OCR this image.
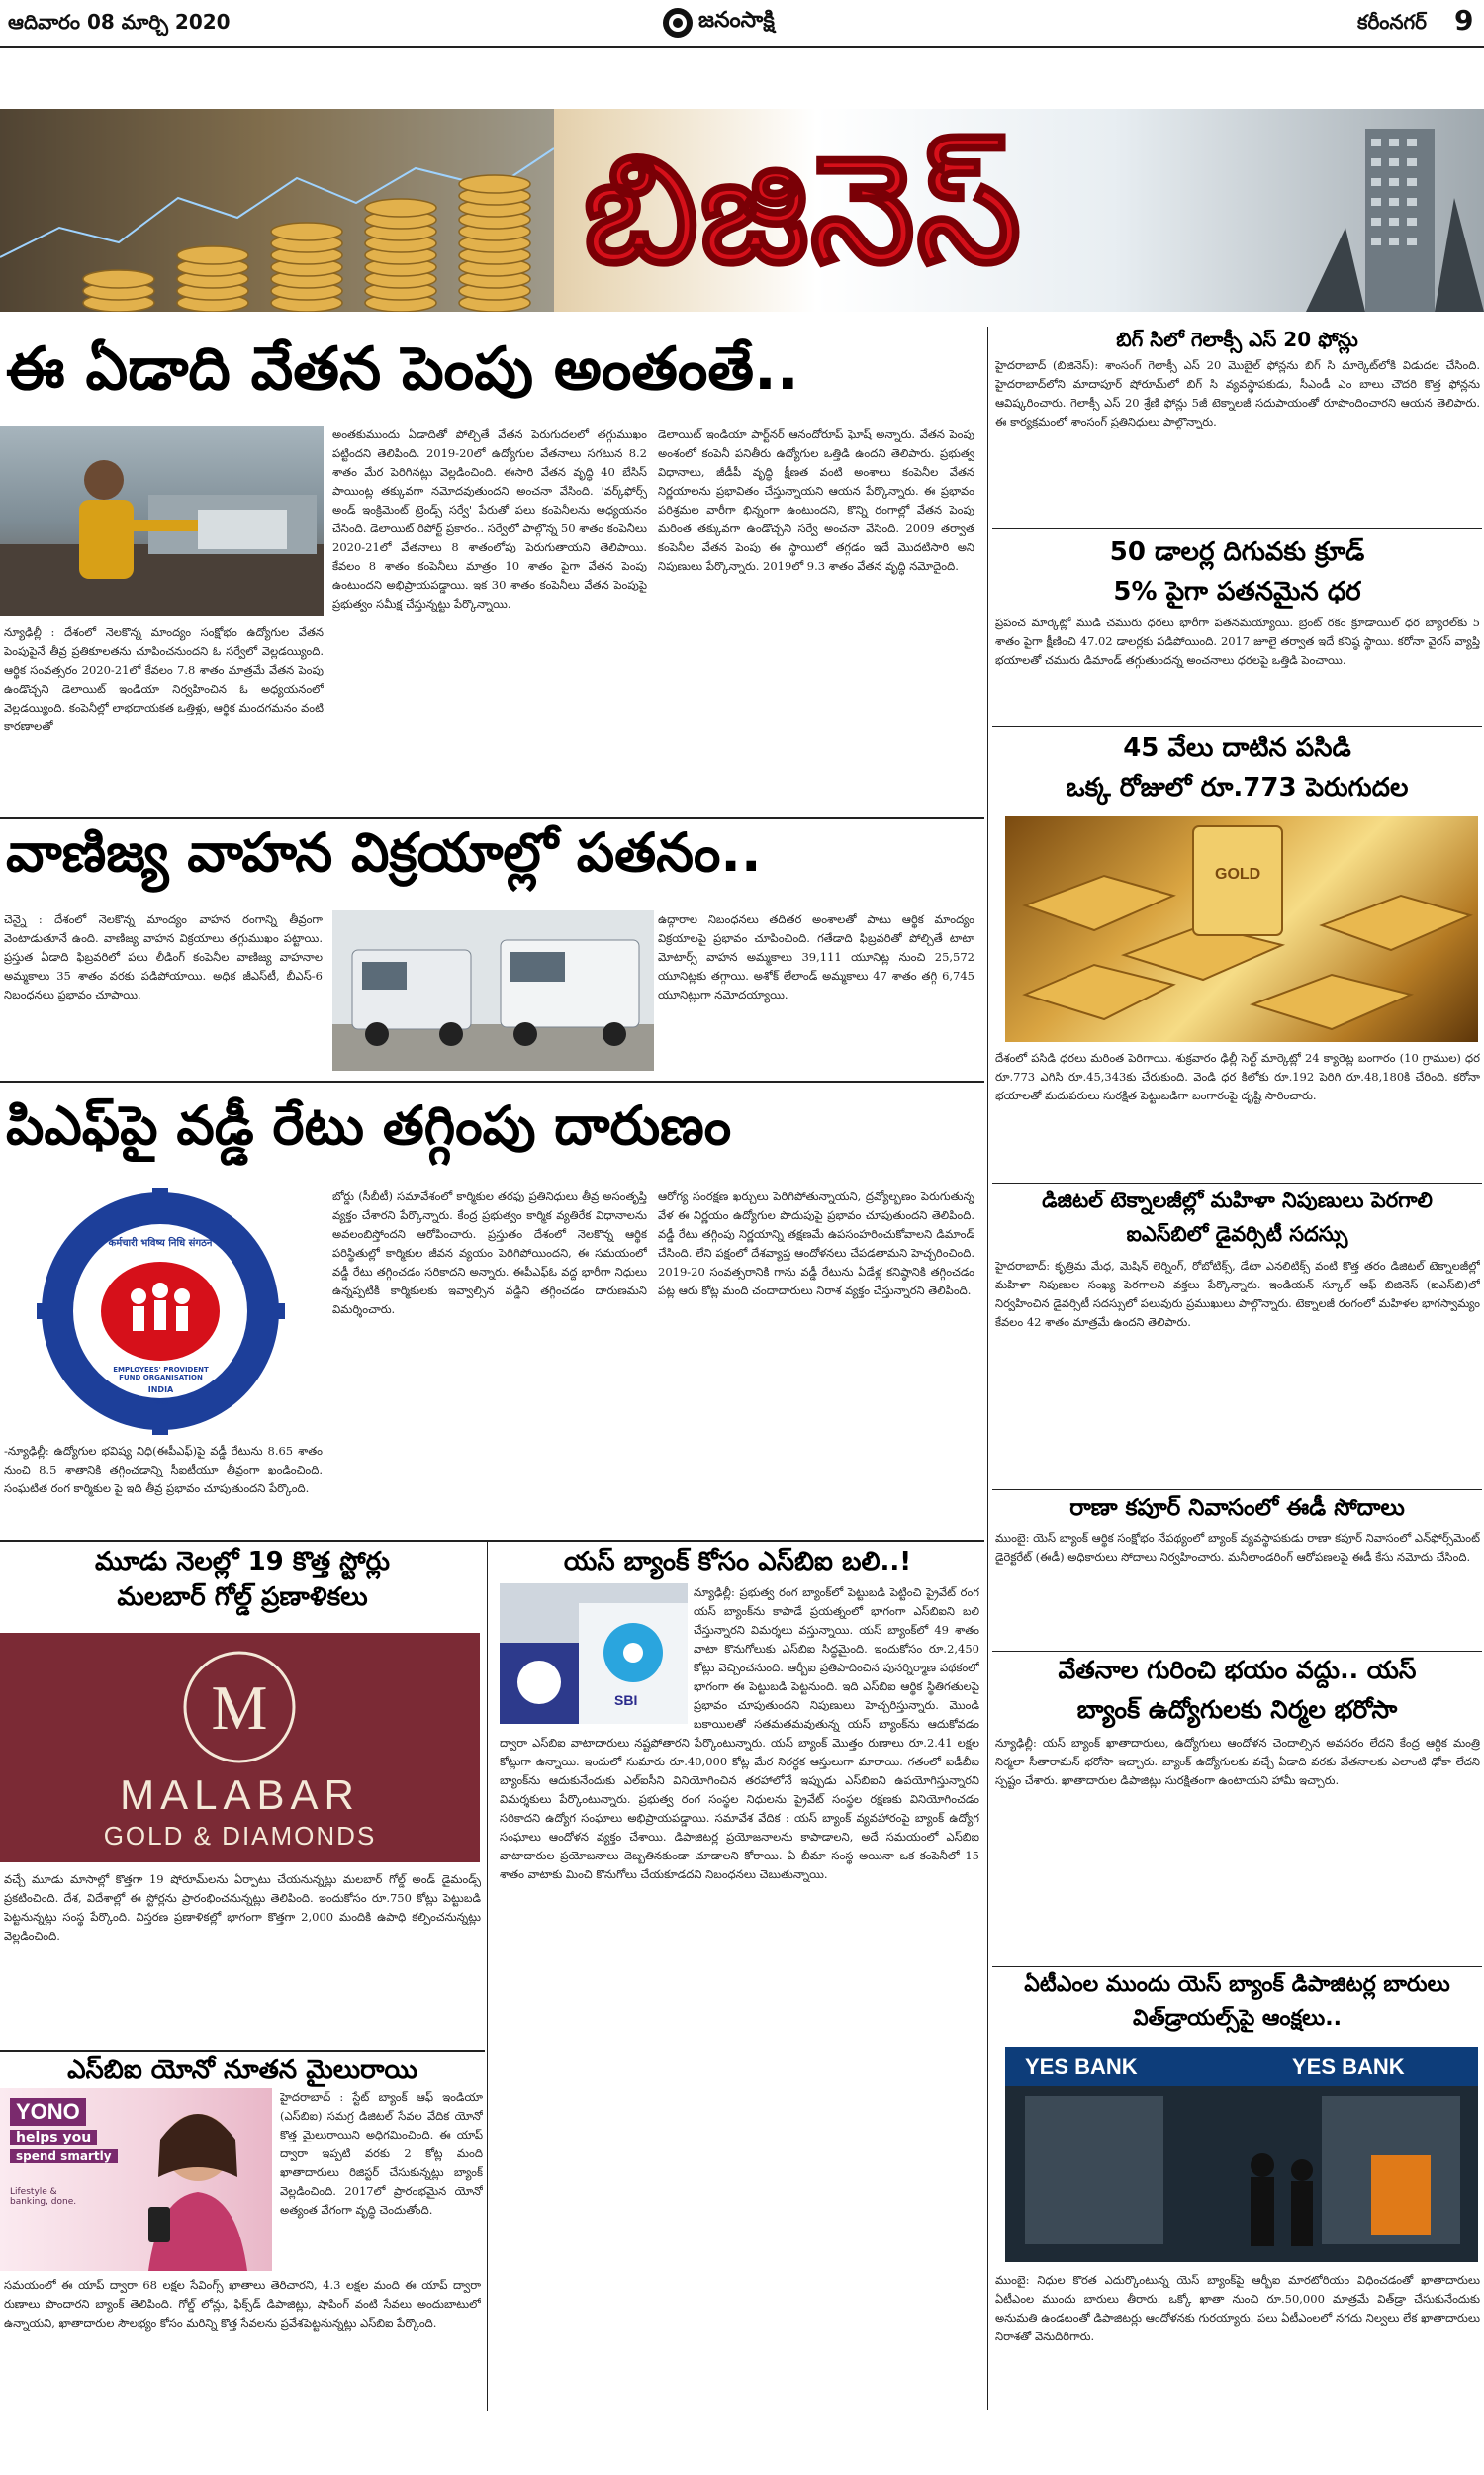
ఆదివారం 08 మార్చి 2020	జనంసాక్షి	కరీంనగర్ 9
బిజినెస్
ఈ ఏడాది వేతన పెంపు అంతంతే..
న్యూఢిల్లీ : దేశంలో నెలకొన్న మాంద్యం సంక్షోభం ఉద్యోగుల వేతన పెంపుపైనే తీవ్ర ప్రతికూలతను చూపించనుందని ఓ సర్వేలో వెల్లడయ్యింది. ఆర్థిక సంవత్సరం 2020-21లో కేవలం 7.8 శాతం మాత్రమే వేతన పెంపు ఉండొచ్చని డెలాయిట్ ఇండియా నిర్వహించిన ఓ అధ్యయనంలో వెల్లడయ్యింది. కంపెనీల్లో లాభదాయకత ఒత్తిళ్లు, ఆర్థిక మందగమనం వంటి కారణాలతో
అంతకుముందు ఏడాదితో పోల్చితే వేతన పెరుగుదలలో తగ్గుముఖం పట్టిందని తెలిపింది. 2019-20లో ఉద్యోగుల వేతనాలు సగటున 8.2 శాతం మేర పెరిగినట్లు వెల్లడించింది. ఈసారి వేతన వృద్ధి 40 బేసిస్ పాయింట్ల తక్కువగా నమోదవుతుందని అంచనా వేసింది. 'వర్క్‌ఫోర్స్ అండ్ ఇంక్రిమెంట్ ట్రెండ్స్ సర్వే' పేరుతో పలు కంపెనీలను అధ్యయనం చేసింది. డెలాయిట్ రిపోర్ట్ ప్రకారం.. సర్వేలో పాల్గొన్న 50 శాతం కంపెనీలు 2020-21లో వేతనాలు 8 శాతంలోపు పెరుగుతాయని తెలిపాయి. కేవలం 8 శాతం కంపెనీలు మాత్రం 10 శాతం పైగా వేతన పెంపు ఉంటుందని అభిప్రాయపడ్డాయి. ఇక 30 శాతం కంపెనీలు వేతన పెంపుపై ప్రభుత్వం సమీక్ష చేస్తున్నట్టు పేర్కొన్నాయి.
డెలాయిట్ ఇండియా పార్ట్‌నర్ ఆనందోరూప్ ఘోష్ అన్నారు. వేతన పెంపు అంశంలో కంపెనీ పనితీరు ఉద్యోగుల ఒత్తిడి ఉందని తెలిపారు. ప్రభుత్వ విధానాలు, జీడీపీ వృద్ధి క్షీణత వంటి అంశాలు కంపెనీల వేతన నిర్ణయాలను ప్రభావితం చేస్తున్నాయని ఆయన పేర్కొన్నారు. ఈ ప్రభావం పరిశ్రమల వారీగా భిన్నంగా ఉంటుందని, కొన్ని రంగాల్లో వేతన పెంపు మరింత తక్కువగా ఉండొచ్చని సర్వే అంచనా వేసింది. 2009 తర్వాత కంపెనీల వేతన పెంపు ఈ స్థాయిలో తగ్గడం ఇదే మొదటిసారి అని నిపుణులు పేర్కొన్నారు. 2019లో 9.3 శాతం వేతన వృద్ధి నమోదైంది.
వాణిజ్య వాహన విక్రయాల్లో పతనం..
చెన్నై : దేశంలో నెలకొన్న మాంద్యం వాహన రంగాన్ని తీవ్రంగా వెంటాడుతూనే ఉంది. వాణిజ్య వాహన విక్రయాలు తగ్గుముఖం పట్టాయి. ప్రస్తుత ఏడాది ఫిబ్రవరిలో పలు లీడింగ్ కంపెనీల వాణిజ్య వాహనాల అమ్మకాలు 35 శాతం వరకు పడిపోయాయి. అధిక జీఎస్‌టీ, బీఎస్-6 నిబంధనలు ప్రభావం చూపాయి.
ఉద్గారాల నిబంధనలు తదితర అంశాలతో పాటు ఆర్థిక మాంద్యం విక్రయాలపై ప్రభావం చూపించింది. గతేడాది ఫిబ్రవరితో పోల్చితే టాటా మోటార్స్ వాహన అమ్మకాలు 39,111 యూనిట్ల నుంచి 25,572 యూనిట్లకు తగ్గాయి. అశోక్ లేలాండ్ అమ్మకాలు 47 శాతం తగ్గి 6,745 యూనిట్లుగా నమోదయ్యాయి.
పిఎఫ్‌పై వడ్డీ రేటు తగ్గింపు దారుణం
कर्मचारी भविष्य निधि संगठन
EMPLOYEES' PROVIDENT FUND ORGANISATION
INDIA
भारत
-న్యూఢిల్లీ: ఉద్యోగుల భవిష్య నిధి(ఈపీఎఫ్‌)పై వడ్డీ రేటును 8.65 శాతం నుంచి 8.5 శాతానికి తగ్గించడాన్ని సీఐటీయూ తీవ్రంగా ఖండించింది. సంఘటిత రంగ కార్మికుల పై ఇది తీవ్ర ప్రభావం చూపుతుందని పేర్కొంది.
బోర్డు (సీబీటీ) సమావేశంలో కార్మికుల తరఫు ప్రతినిధులు తీవ్ర అసంతృప్తి వ్యక్తం చేశారని పేర్కొన్నారు. కేంద్ర ప్రభుత్వం కార్మిక వ్యతిరేక విధానాలను అవలంబిస్తోందని ఆరోపించారు. ప్రస్తుతం దేశంలో నెలకొన్న ఆర్థిక పరిస్థితుల్లో కార్మికుల జీవన వ్యయం పెరిగిపోయిందని, ఈ సమయంలో వడ్డీ రేటు తగ్గించడం సరికాదని అన్నారు. ఈపీఎఫ్‌ఓ వద్ద భారీగా నిధులు ఉన్నప్పటికీ కార్మికులకు ఇవ్వాల్సిన వడ్డీని తగ్గించడం దారుణమని విమర్శించారు.
ఆరోగ్య సంరక్షణ ఖర్చులు పెరిగిపోతున్నాయని, ద్రవ్యోల్బణం పెరుగుతున్న వేళ ఈ నిర్ణయం ఉద్యోగుల పొదుపుపై ప్రభావం చూపుతుందని తెలిపింది. వడ్డీ రేటు తగ్గింపు నిర్ణయాన్ని తక్షణమే ఉపసంహరించుకోవాలని డిమాండ్ చేసింది. లేని పక్షంలో దేశవ్యాప్త ఆందోళనలు చేపడతామని హెచ్చరించింది. 2019-20 సంవత్సరానికి గాను వడ్డీ రేటును ఏడేళ్ల కనిష్ఠానికి తగ్గించడం పట్ల ఆరు కోట్ల మంది చందాదారులు నిరాశ వ్యక్తం చేస్తున్నారని తెలిపింది.
మూడు నెలల్లో 19 కొత్త స్టోర్లు
మలబార్ గోల్డ్ ప్రణాళికలు
M
MALABAR
GOLD & DIAMONDS
వచ్చే మూడు మాసాల్లో కొత్తగా 19 షోరూమ్‌లను ఏర్పాటు చేయనున్నట్లు మలబార్ గోల్డ్ అండ్ డైమండ్స్ ప్రకటించింది. దేశ, విదేశాల్లో ఈ స్టోర్లను ప్రారంభించనున్నట్లు తెలిపింది. ఇందుకోసం రూ.750 కోట్లు పెట్టుబడి పెట్టనున్నట్లు సంస్థ పేర్కొంది. విస్తరణ ప్రణాళికల్లో భాగంగా కొత్తగా 2,000 మందికి ఉపాధి కల్పించనున్నట్లు వెల్లడించింది.
ఎస్‌బిఐ యోనో నూతన మైలురాయి
YONO
helps you
spend smartly
Lifestyle & banking, done.
హైదరాబాద్ : స్టేట్ బ్యాంక్ ఆఫ్ ఇండియా (ఎస్‌బిఐ) సమగ్ర డిజిటల్ సేవల వేదిక యోనో కొత్త మైలురాయిని అధిగమించింది. ఈ యాప్ ద్వారా ఇప్పటి వరకు 2 కోట్ల మంది ఖాతాదారులు రిజిస్టర్ చేసుకున్నట్లు బ్యాంక్ వెల్లడించింది. 2017లో ప్రారంభమైన యోనో అత్యంత వేగంగా వృద్ధి చెందుతోంది.
సమయంలో ఈ యాప్ ద్వారా 68 లక్షల సేవింగ్స్ ఖాతాలు తెరిచారని, 4.3 లక్షల మంది ఈ యాప్ ద్వారా రుణాలు పొందారని బ్యాంక్ తెలిపింది. గోల్డ్ లోన్లు, ఫిక్స్‌డ్ డిపాజిట్లు, షాపింగ్ వంటి సేవలు అందుబాటులో ఉన్నాయని, ఖాతాదారుల సౌలభ్యం కోసం మరిన్ని కొత్త సేవలను ప్రవేశపెట్టనున్నట్లు ఎస్‌బిఐ పేర్కొంది.
యస్ బ్యాంక్ కోసం ఎస్‌బిఐ బలి..!
SBI
న్యూఢిల్లీ: ప్రభుత్వ రంగ బ్యాంక్‌లో పెట్టుబడి పెట్టించి ప్రైవేట్ రంగ యస్ బ్యాంక్‌ను కాపాడే ప్రయత్నంలో భాగంగా ఎస్‌బిఐని బలి చేస్తున్నారని విమర్శలు వస్తున్నాయి. యస్ బ్యాంక్‌లో 49 శాతం వాటా కొనుగోలుకు ఎస్‌బిఐ సిద్ధమైంది. ఇందుకోసం రూ.2,450 కోట్లు వెచ్చించనుంది. ఆర్బీఐ ప్రతిపాదించిన పునర్నిర్మాణ పథకంలో భాగంగా ఈ పెట్టుబడి పెట్టనుంది. ఇది ఎస్‌బిఐ ఆర్థిక స్థితిగతులపై ప్రభావం చూపుతుందని నిపుణులు హెచ్చరిస్తున్నారు. మొండి బకాయిలతో సతమతమవుతున్న యస్ బ్యాంక్‌ను ఆదుకోవడం ద్వారా ఎస్‌బిఐ వాటాదారులు నష్టపోతారని పేర్కొంటున్నారు. యస్ బ్యాంక్ మొత్తం రుణాలు రూ.2.41 లక్షల కోట్లుగా ఉన్నాయి. ఇందులో సుమారు రూ.40,000 కోట్ల మేర నిరర్ధక ఆస్తులుగా మారాయి. గతంలో ఐడీబీఐ బ్యాంక్‌ను ఆదుకునేందుకు ఎల్ఐసీని వినియోగించిన తరహాలోనే ఇప్పుడు ఎస్‌బిఐని ఉపయోగిస్తున్నారని విమర్శకులు పేర్కొంటున్నారు. ప్రభుత్వ రంగ సంస్థల నిధులను ప్రైవేట్ సంస్థల రక్షణకు వినియోగించడం సరికాదని ఉద్యోగ సంఘాలు అభిప్రాయపడ్డాయి. సమావేశ వేదిక : యస్ బ్యాంక్ వ్యవహారంపై బ్యాంక్ ఉద్యోగ సంఘాలు ఆందోళన వ్యక్తం చేశాయి. డిపాజిటర్ల ప్రయోజనాలను కాపాడాలని, అదే సమయంలో ఎస్‌బిఐ వాటాదారుల ప్రయోజనాలు దెబ్బతినకుండా చూడాలని కోరాయి. ఏ బీమా సంస్థ అయినా ఒక కంపెనీలో 15 శాతం వాటాకు మించి కొనుగోలు చేయకూడదని నిబంధనలు చెబుతున్నాయి.
బిగ్ సిలో గెలాక్సీ ఎస్ 20 ఫోన్లు
హైదరాబాద్ (బిజినెస్): శాంసంగ్ గెలాక్సీ ఎస్ 20 మొబైల్ ఫోన్లను బిగ్ సి మార్కెట్‌లోకి విడుదల చేసింది. హైదరాబాద్‌లోని మాదాపూర్ షోరూమ్‌లో బిగ్ సి వ్యవస్థాపకుడు, సీఎండీ ఎం బాలు చౌదరి కొత్త ఫోన్లను ఆవిష్కరించారు. గెలాక్సీ ఎస్ 20 శ్రేణి ఫోన్లు 5జీ టెక్నాలజీ సదుపాయంతో రూపొందించారని ఆయన తెలిపారు. ఈ కార్యక్రమంలో శాంసంగ్ ప్రతినిధులు పాల్గొన్నారు.
50 డాలర్ల దిగువకు క్రూడ్
5% పైగా పతనమైన ధర
ప్రపంచ మార్కెట్లో ముడి చమురు ధరలు భారీగా పతనమయ్యాయి. బ్రెంట్ రకం క్రూడాయిల్ ధర బ్యారెల్‌కు 5 శాతం పైగా క్షీణించి 47.02 డాలర్లకు పడిపోయింది. 2017 జూలై తర్వాత ఇదే కనిష్ఠ స్థాయి. కరోనా వైరస్ వ్యాప్తి భయాలతో చమురు డిమాండ్ తగ్గుతుందన్న అంచనాలు ధరలపై ఒత్తిడి పెంచాయి.
45 వేలు దాటిన పసిడి
ఒక్క రోజులో రూ.773 పెరుగుదల
GOLD
దేశంలో పసిడి ధరలు మరింత పెరిగాయి. శుక్రవారం ఢిల్లీ సెల్ట్ మార్కెట్లో 24 క్యారెట్ల బంగారం (10 గ్రాముల) ధర రూ.773 ఎగిసి రూ.45,343కు చేరుకుంది. వెండి ధర కిలోకు రూ.192 పెరిగి రూ.48,180కి చేరింది. కరోనా భయాలతో మదుపరులు సురక్షిత పెట్టుబడిగా బంగారంపై దృష్టి సారించారు.
డిజిటల్ టెక్నాలజీల్లో మహిళా నిపుణులు పెరగాలి
ఐఎస్‌బిలో డైవర్సిటీ సదస్సు
హైదరాబాద్: కృత్రిమ మేధ, మెషిన్ లెర్నింగ్, రోబోటిక్స్, డేటా ఎనలిటిక్స్ వంటి కొత్త తరం డిజిటల్ టెక్నాలజీల్లో మహిళా నిపుణుల సంఖ్య పెరగాలని వక్తలు పేర్కొన్నారు. ఇండియన్ స్కూల్ ఆఫ్ బిజినెస్ (ఐఎస్‌బి)లో నిర్వహించిన డైవర్సిటీ సదస్సులో పలువురు ప్రముఖులు పాల్గొన్నారు. టెక్నాలజీ రంగంలో మహిళల భాగస్వామ్యం కేవలం 42 శాతం మాత్రమే ఉందని తెలిపారు.
రాణా కపూర్ నివాసంలో ఈడీ సోదాలు
ముంబై: యెస్ బ్యాంక్ ఆర్థిక సంక్షోభం నేపథ్యంలో బ్యాంక్ వ్యవస్థాపకుడు రాణా కపూర్ నివాసంలో ఎన్‌ఫోర్స్‌మెంట్ డైరెక్టరేట్ (ఈడీ) అధికారులు సోదాలు నిర్వహించారు. మనీలాండరింగ్ ఆరోపణలపై ఈడీ కేసు నమోదు చేసింది.
వేతనాల గురించి భయం వద్దు.. యస్
బ్యాంక్ ఉద్యోగులకు నిర్మల భరోసా
న్యూఢిల్లీ: యస్ బ్యాంక్ ఖాతాదారులు, ఉద్యోగులు ఆందోళన చెందాల్సిన అవసరం లేదని కేంద్ర ఆర్థిక మంత్రి నిర్మలా సీతారామన్ భరోసా ఇచ్చారు. బ్యాంక్ ఉద్యోగులకు వచ్చే ఏడాది వరకు వేతనాలకు ఎలాంటి ఢోకా లేదని స్పష్టం చేశారు. ఖాతాదారుల డిపాజిట్లు సురక్షితంగా ఉంటాయని హామీ ఇచ్చారు.
ఏటీఎంల ముందు యెస్ బ్యాంక్ డిపాజిటర్ల బారులు
విత్‌డ్రాయల్స్‌పై ఆంక్షలు..
YES BANK	YES BANK
ముంబై: నిధుల కొరత ఎదుర్కొంటున్న యెస్ బ్యాంక్‌పై ఆర్బీఐ మారటోరియం విధించడంతో ఖాతాదారులు ఏటీఎంల ముందు బారులు తీరారు. ఒక్కో ఖాతా నుంచి రూ.50,000 మాత్రమే విత్‌డ్రా చేసుకునేందుకు అనుమతి ఉండటంతో డిపాజిటర్లు ఆందోళనకు గురయ్యారు. పలు ఏటీఎంలలో నగదు నిల్వలు లేక ఖాతాదారులు నిరాశతో వెనుదిరిగారు.
